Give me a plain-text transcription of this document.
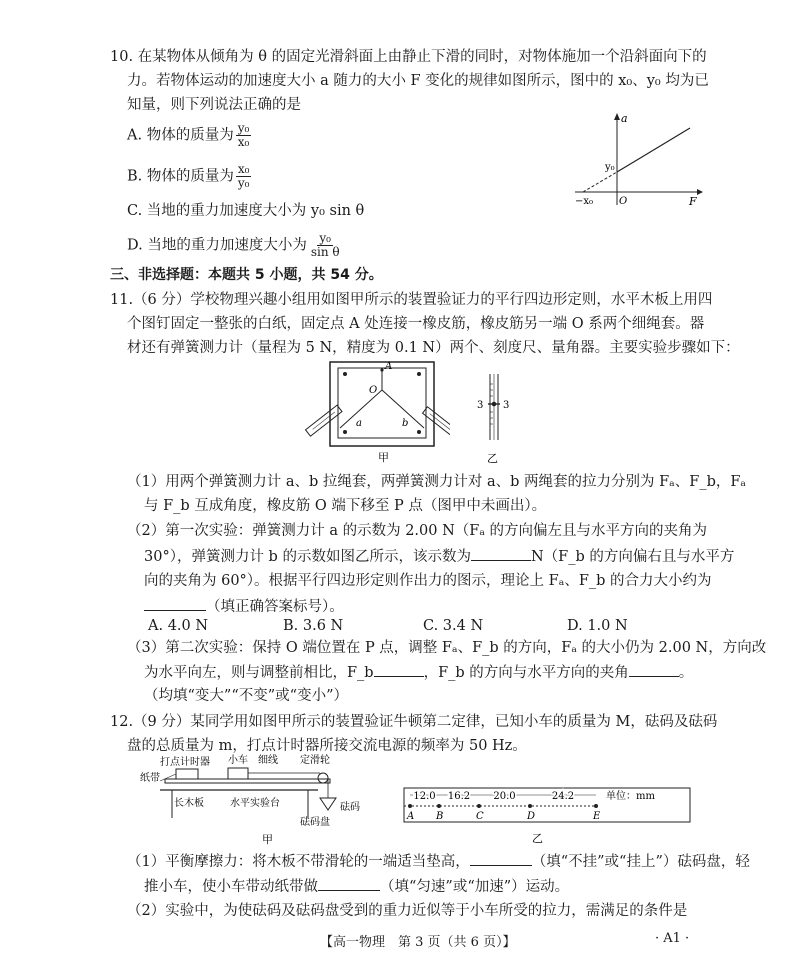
10. 在某物体从倾角为 θ 的固定光滑斜面上由静止下滑的同时，对物体施加一个沿斜面向下的
力。若物体运动的加速度大小 a 随力的大小 F 变化的规律如图所示，图中的 x₀、y₀ 均为已
知量，则下列说法正确的是
A. 物体的质量为 $\frac{\text{y₀}}{\text{x₀}}$
B. 物体的质量为 $\frac{\text{x₀}}{\text{y₀}}$
C. 当地的重力加速度大小为 y₀ sin θ
D. 当地的重力加速度大小为 $\frac{\text{y₀}}{\text{sin θ}}$
a
F
y₀
O
−x₀
三、非选择题：本题共 5 小题，共 54 分。
11.（6 分）学校物理兴趣小组用如图甲所示的装置验证力的平行四边形定则，水平木板上用四
个图钉固定一整张的白纸，固定点 A 处连接一橡皮筋，橡皮筋另一端 O 系两个细绳套。器
材还有弹簧测力计（量程为 5 N，精度为 0.1 N）两个、刻度尺、量角器。主要实验步骤如下：
A
O
a	b
甲
3 3
乙
（1）用两个弹簧测力计 a、b 拉绳套，两弹簧测力计对 a、b 两绳套的拉力分别为 Fₐ、F_b，Fₐ
与 F_b 互成角度，橡皮筋 O 端下移至 P 点（图甲中未画出）。
（2）第一次实验：弹簧测力计 a 的示数为 2.00 N（Fₐ 的方向偏左且与水平方向的夹角为
30°），弹簧测力计 b 的示数如图乙所示，该示数为	N（F_b 的方向偏右且与水平方
向的夹角为 60°）。根据平行四边形定则作出力的图示，理论上 Fₐ、F_b 的合力大小约为
（填正确答案标号）。
A. 4.0 N	B. 3.6 N	C. 3.4 N	D. 1.0 N
（3）第二次实验：保持 O 端位置在 P 点，调整 Fₐ、F_b 的方向，Fₐ 的大小仍为 2.00 N，方向改
为水平向左，则与调整前相比，F_b	，F_b 的方向与水平方向的夹角	。
（均填“变大”“不变”或“变小”）
12.（9 分）某同学用如图甲所示的装置验证牛顿第二定律，已知小车的质量为 M，砝码及砝码
盘的总质量为 m，打点计时器所接交流电源的频率为 50 Hz。
打点计时器 小车 细线 定滑轮
纸带
砝码
长木板	水平实验台
砝码盘
甲
A B	C	D	E
12.0 16.2 20.0	24.2	单位：mm
乙
（1）平衡摩擦力：将木板不带滑轮的一端适当垫高，	（填“不挂”或“挂上”）砝码盘，轻
推小车，使小车带动纸带做	（填“匀速”或“加速”）运动。
（2）实验中，为使砝码及砝码盘受到的重力近似等于小车所受的拉力，需满足的条件是
【高一物理　第 3 页（共 6 页）】	· A1 ·
